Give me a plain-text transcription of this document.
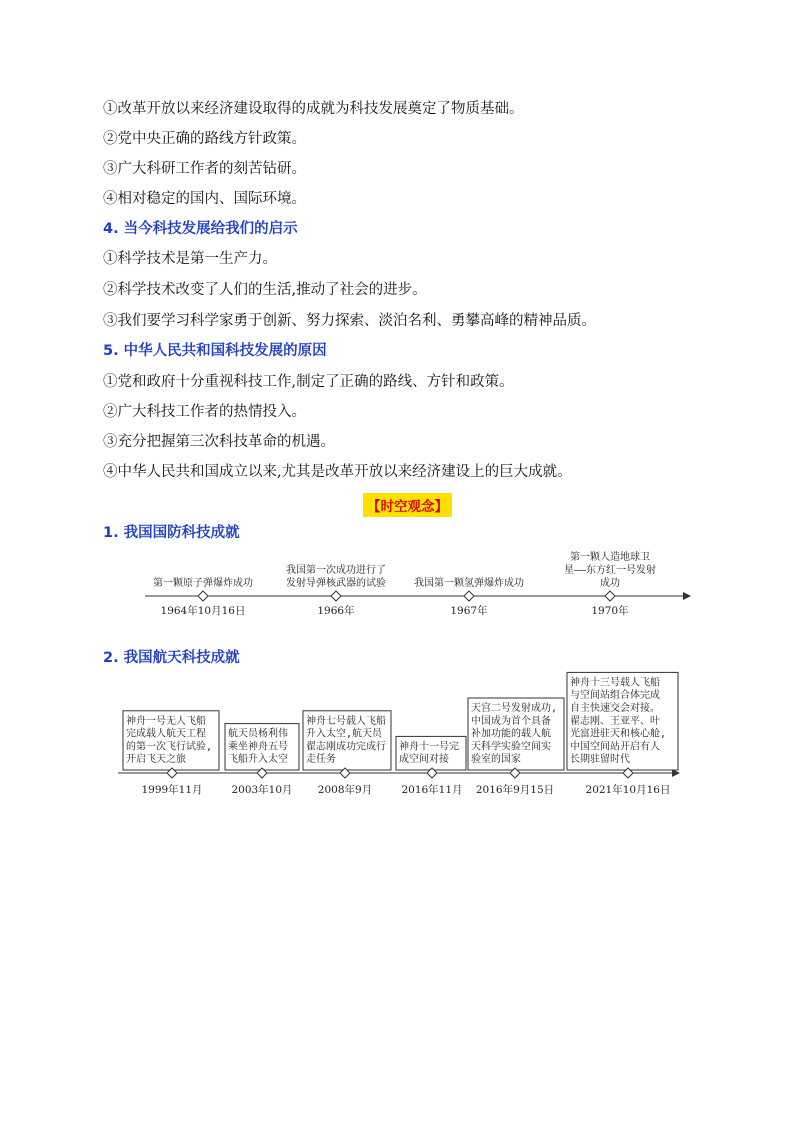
①改革开放以来经济建设取得的成就为科技发展奠定了物质基础。
②党中央正确的路线方针政策。
③广大科研工作者的刻苦钻研。
④相对稳定的国内、国际环境。
4. 当今科技发展给我们的启示
①科学技术是第一生产力。
②科学技术改变了人们的生活,推动了社会的进步。
③我们要学习科学家勇于创新、努力探索、淡泊名利、勇攀高峰的精神品质。
5. 中华人民共和国科技发展的原因
①党和政府十分重视科技工作,制定了正确的路线、方针和政策。
②广大科技工作者的热情投入。
③充分把握第三次科技革命的机遇。
④中华人民共和国成立以来,尤其是改革开放以来经济建设上的巨大成就。
【时空观念】
1. 我国国防科技成就
2. 我国航天科技成就
第一颗原子弹爆炸成功
1964年10月16日
我国第一次成功进行了
发射导弹核武器的试验
1966年
我国第一颗氢弹爆炸成功
1967年
第一颗人造地球卫
星——东方红一号发射
成功
1970年
神舟一号无人飞船
完成载人航天工程
的第一次飞行试验,
开启飞天之旅
1999年11月
航天员杨利伟
乘坐神舟五号
飞船升入太空
2003年10月
神舟七号载人飞船
升入太空,航天员
翟志刚成功完成行
走任务
2008年9月
神舟十一号完
成空间对接
2016年11月
天宫二号发射成功,
中国成为首个具备
补加功能的载人航
天科学实验空间实
验室的国家
2016年9月15日
神舟十三号载人飞船
与空间站组合体完成
自主快速交会对接。
翟志刚、王亚平、叶
光富进驻天和核心舱,
中国空间站开启有人
长期驻留时代
2021年10月16日
